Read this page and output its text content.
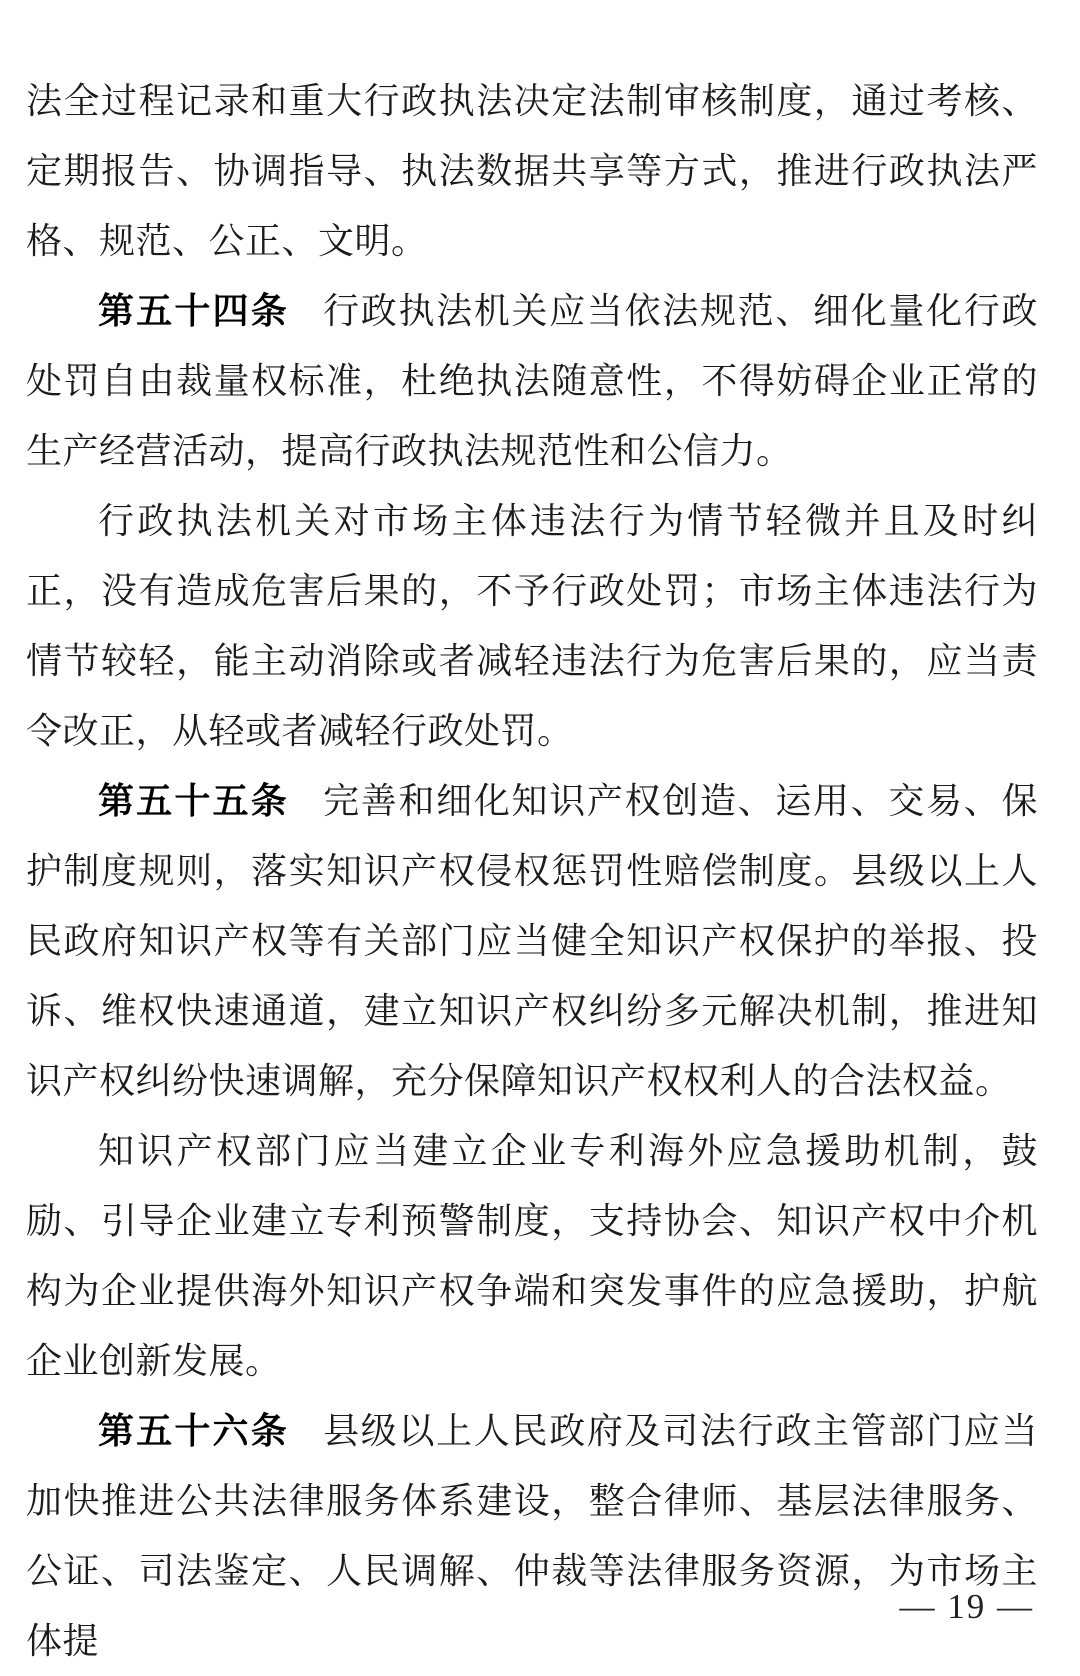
法全过程记录和重大行政执法决定法制审核制度，通过考核、定期报告、协调指导、执法数据共享等方式，推进行政执法严格、规范、公正、文明。

第五十四条 行政执法机关应当依法规范、细化量化行政处罚自由裁量权标准，杜绝执法随意性，不得妨碍企业正常的生产经营活动，提高行政执法规范性和公信力。

行政执法机关对市场主体违法行为情节轻微并且及时纠正，没有造成危害后果的，不予行政处罚；市场主体违法行为情节较轻，能主动消除或者减轻违法行为危害后果的，应当责令改正，从轻或者减轻行政处罚。

第五十五条 完善和细化知识产权创造、运用、交易、保护制度规则，落实知识产权侵权惩罚性赔偿制度。县级以上人民政府知识产权等有关部门应当健全知识产权保护的举报、投诉、维权快速通道，建立知识产权纠纷多元解决机制，推进知识产权纠纷快速调解，充分保障知识产权权利人的合法权益。

知识产权部门应当建立企业专利海外应急援助机制，鼓励、引导企业建立专利预警制度，支持协会、知识产权中介机构为企业提供海外知识产权争端和突发事件的应急援助，护航企业创新发展。

第五十六条 县级以上人民政府及司法行政主管部门应当加快推进公共法律服务体系建设，整合律师、基层法律服务、公证、司法鉴定、人民调解、仲裁等法律服务资源，为市场主体提

— 19 —
